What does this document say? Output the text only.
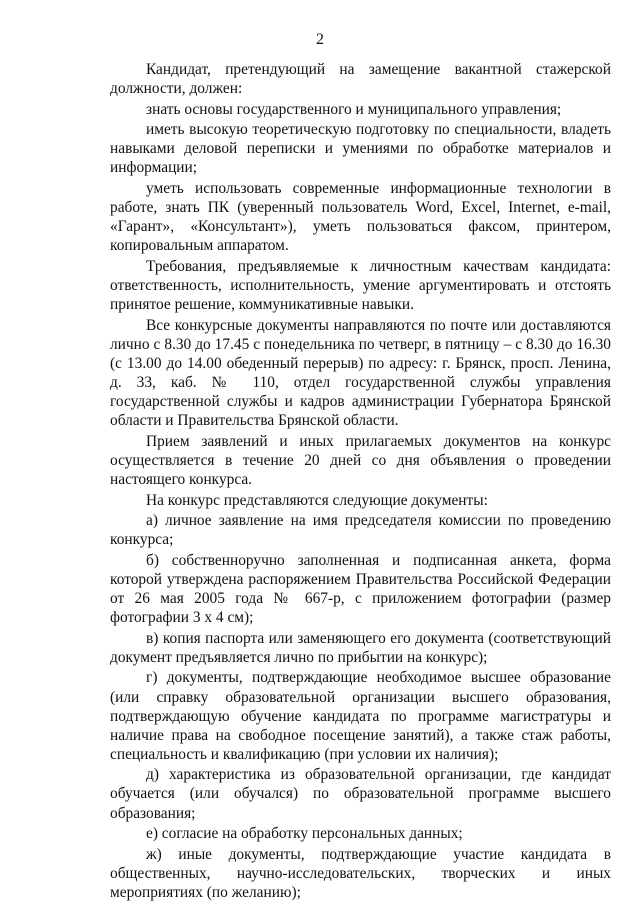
2

Кандидат, претендующий на замещение вакантной стажерской должности, должен:

знать основы государственного и муниципального управления;

иметь высокую теоретическую подготовку по специальности, владеть навыками деловой переписки и умениями по обработке материалов и информации;

уметь использовать современные информационные технологии в работе, знать ПК (уверенный пользователь Word, Excel, Internet, e-mail, «Гарант», «Консультант»), уметь пользоваться факсом, принтером, копировальным аппаратом.

Требования, предъявляемые к личностным качествам кандидата: ответственность, исполнительность, умение аргументировать и отстоять принятое решение, коммуникативные навыки.

Все конкурсные документы направляются по почте или доставляются лично с 8.30 до 17.45 с понедельника по четверг, в пятницу – с 8.30 до 16.30 (с 13.00 до 14.00 обеденный перерыв) по адресу: г. Брянск, просп. Ленина, д. 33, каб. № 110, отдел государственной службы управления государственной службы и кадров администрации Губернатора Брянской области и Правительства Брянской области.

Прием заявлений и иных прилагаемых документов на конкурс осуществляется в течение 20 дней со дня объявления о проведении настоящего конкурса.

На конкурс представляются следующие документы:

а) личное заявление на имя председателя комиссии по проведению конкурса;

б) собственноручно заполненная и подписанная анкета, форма которой утверждена распоряжением Правительства Российской Федерации от 26 мая 2005 года № 667-р, с приложением фотографии (размер фотографии 3 х 4 см);

в) копия паспорта или заменяющего его документа (соответствующий документ предъявляется лично по прибытии на конкурс);

г) документы, подтверждающие необходимое высшее образование (или справку образовательной организации высшего образования, подтверждающую обучение кандидата по программе магистратуры и наличие права на свободное посещение занятий), а также стаж работы, специальность и квалификацию (при условии их наличия);

д) характеристика из образовательной организации, где кандидат обучается (или обучался) по образовательной программе высшего образования;

е) согласие на обработку персональных данных;

ж) иные документы, подтверждающие участие кандидата в общественных, научно-исследовательских, творческих и иных мероприятиях (по желанию);
